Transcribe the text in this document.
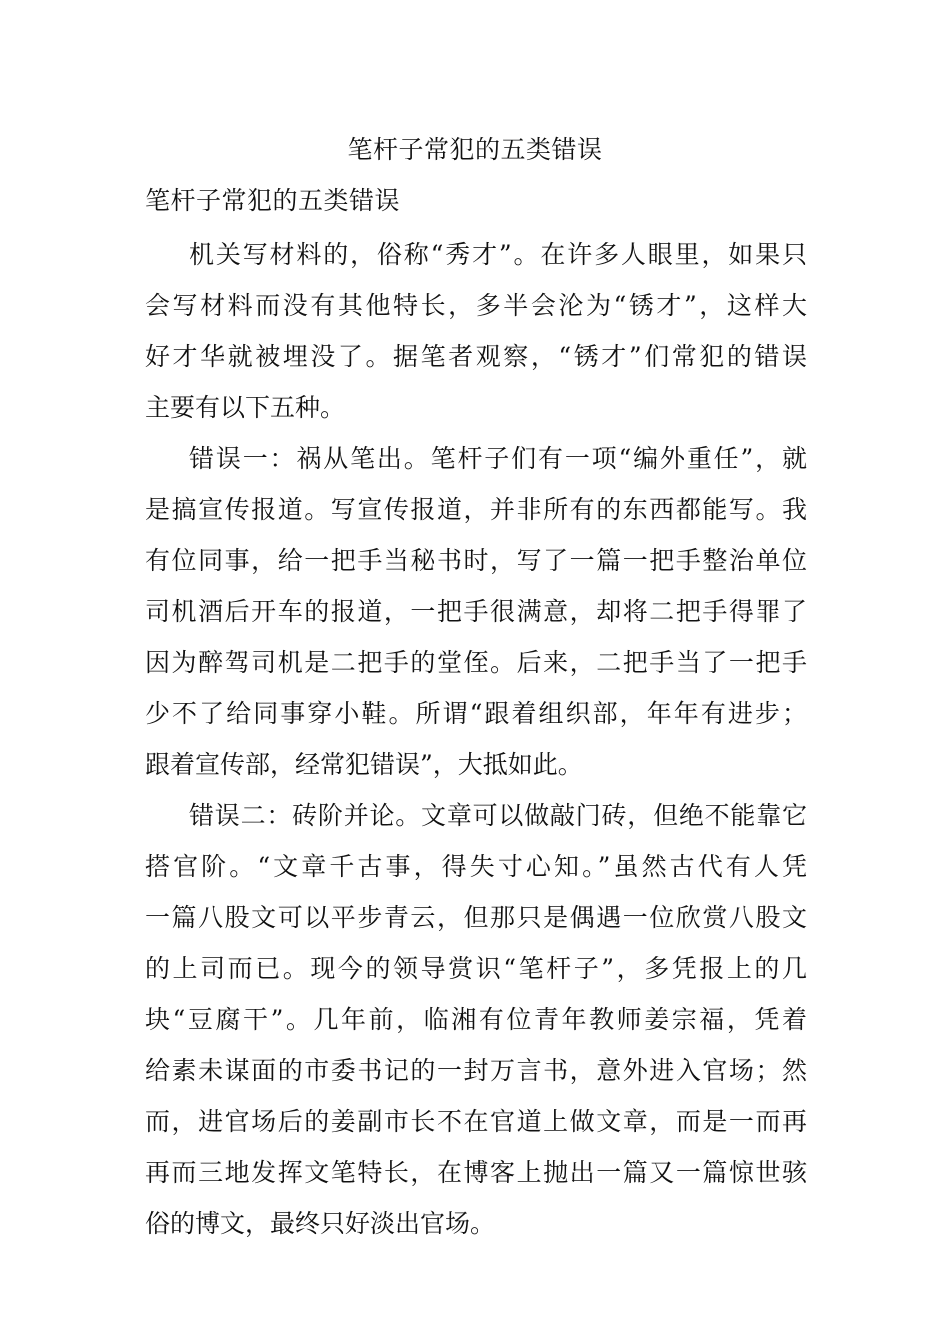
笔杆子常犯的五类错误
笔杆子常犯的五类错误
机关写材料的，俗称“秀才”。在许多人眼里，如果只
会写材料而没有其他特长，多半会沦为“锈才”，这样大
好才华就被埋没了。据笔者观察，“锈才”们常犯的错误
主要有以下五种。
错误一：祸从笔出。笔杆子们有一项“编外重任”，就
是搞宣传报道。写宣传报道，并非所有的东西都能写。我
有位同事，给一把手当秘书时，写了一篇一把手整治单位
司机酒后开车的报道，一把手很满意，却将二把手得罪了
因为醉驾司机是二把手的堂侄。后来，二把手当了一把手
少不了给同事穿小鞋。所谓“跟着组织部，年年有进步；
跟着宣传部，经常犯错误”，大抵如此。
错误二：砖阶并论。文章可以做敲门砖，但绝不能靠它
搭官阶。“文章千古事，得失寸心知。”虽然古代有人凭
一篇八股文可以平步青云，但那只是偶遇一位欣赏八股文
的上司而已。现今的领导赏识“笔杆子”，多凭报上的几
块“豆腐干”。几年前，临湘有位青年教师姜宗福，凭着
给素未谋面的市委书记的一封万言书，意外进入官场；然
而，进官场后的姜副市长不在官道上做文章，而是一而再
再而三地发挥文笔特长，在博客上抛出一篇又一篇惊世骇
俗的博文，最终只好淡出官场。
